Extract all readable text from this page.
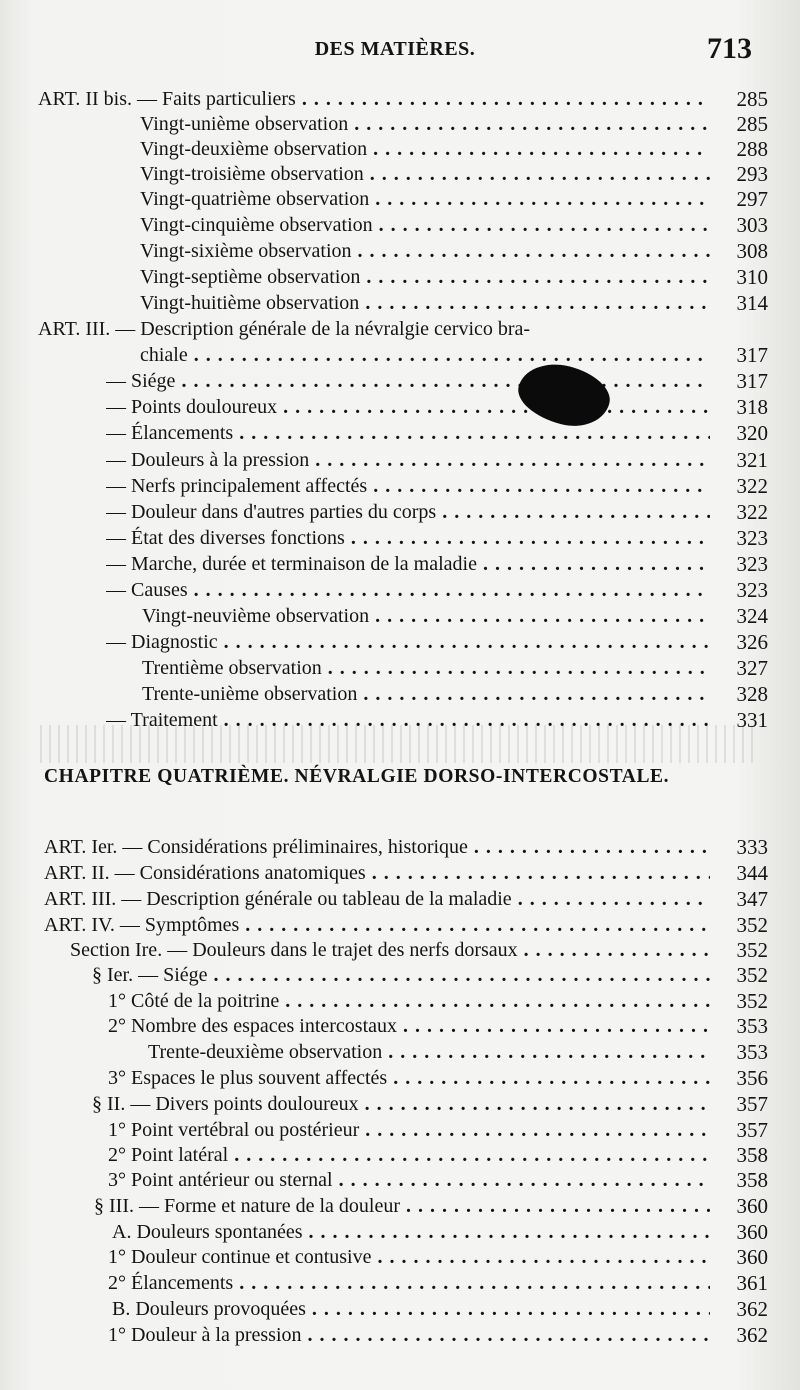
DES MATIÈRES.	713
ART. II bis. — Faits particuliers . . .	285
Vingt-unième observation . . .	285
Vingt-deuxième observation . . .	288
Vingt-troisième observation . . .	293
Vingt-quatrième observation . . .	297
Vingt-cinquième observation . . .	303
Vingt-sixième observation . . .	308
Vingt-septième observation . . .	310
Vingt-huitième observation . . .	314
ART. III. — Description générale de la névralgie cervico bra-
chiale . . .	317
— Siége . . .	317
— Points douloureux . . .	318
— Élancements . . .	320
— Douleurs à la pression . . .	321
— Nerfs principalement affectés . . .	322
— Douleur dans d'autres parties du corps . . .	322
— État des diverses fonctions . . .	323
— Marche, durée et terminaison de la maladie . . .	323
— Causes . . .	323
Vingt-neuvième observation . . .	324
— Diagnostic . . .	326
Trentième observation . . .	327
Trente-unième observation . . .	328
— Traitement . . .	331
CHAPITRE QUATRIÈME. NÉVRALGIE DORSO-INTERCOSTALE.
ART. Ier. — Considérations préliminaires, historique . . .	333
ART. II. — Considérations anatomiques . . .	344
ART. III. — Description générale ou tableau de la maladie . . .	347
ART. IV. — Symptômes . . .	352
Section Ire. — Douleurs dans le trajet des nerfs dorsaux . . .	352
§ Ier. — Siége . . .	352
1° Côté de la poitrine . . .	352
2° Nombre des espaces intercostaux . . .	353
Trente-deuxième observation . . .	353
3° Espaces le plus souvent affectés . . .	356
§ II. — Divers points douloureux . . .	357
1° Point vertébral ou postérieur . . .	357
2° Point latéral . . .	358
3° Point antérieur ou sternal . . .	358
§ III. — Forme et nature de la douleur . . .	360
A. Douleurs spontanées . . .	360
1° Douleur continue et contusive . . .	360
2° Élancements . . .	361
B. Douleurs provoquées . . .	362
1° Douleur à la pression . . .	362
